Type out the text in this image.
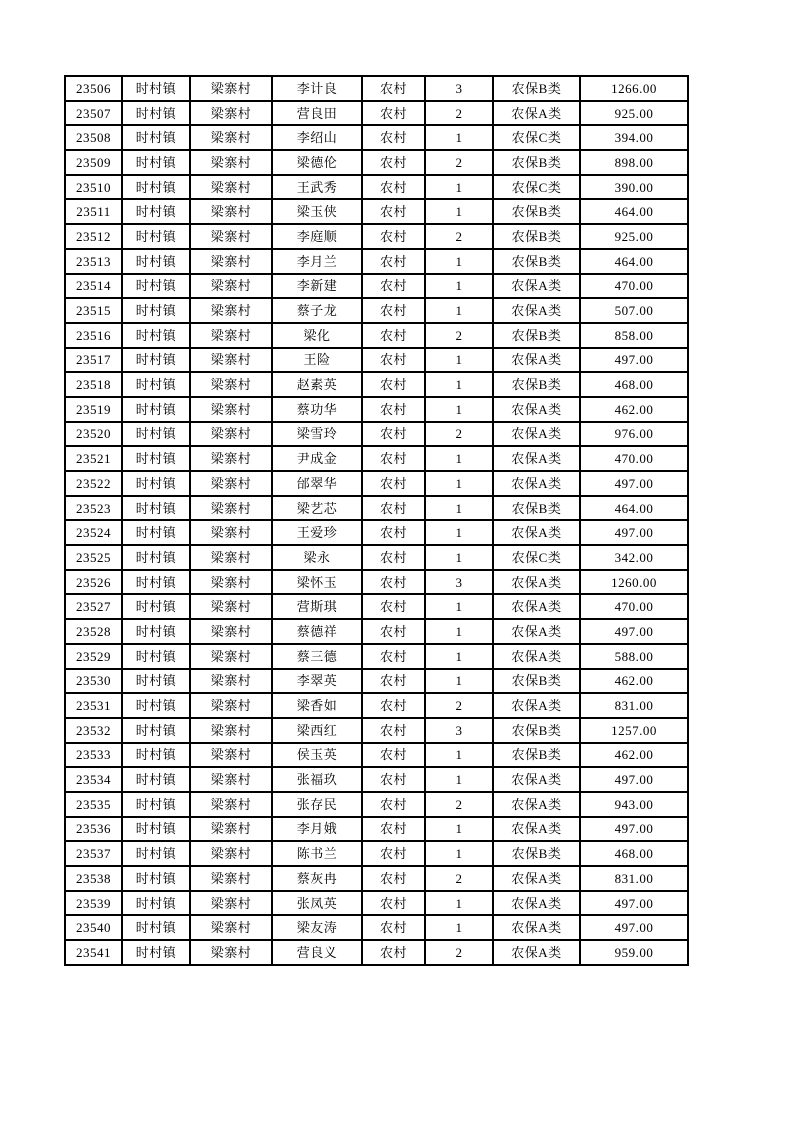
23506	时村镇	梁寨村	李计良	农村	3	农保B类	1266.00
23507	时村镇	梁寨村	营良田	农村	2	农保A类	925.00
23508	时村镇	梁寨村	李绍山	农村	1	农保C类	394.00
23509	时村镇	梁寨村	梁德伦	农村	2	农保B类	898.00
23510	时村镇	梁寨村	王武秀	农村	1	农保C类	390.00
23511	时村镇	梁寨村	梁玉侠	农村	1	农保B类	464.00
23512	时村镇	梁寨村	李庭顺	农村	2	农保B类	925.00
23513	时村镇	梁寨村	李月兰	农村	1	农保B类	464.00
23514	时村镇	梁寨村	李新建	农村	1	农保A类	470.00
23515	时村镇	梁寨村	蔡子龙	农村	1	农保A类	507.00
23516	时村镇	梁寨村	梁化	农村	2	农保B类	858.00
23517	时村镇	梁寨村	王险	农村	1	农保A类	497.00
23518	时村镇	梁寨村	赵素英	农村	1	农保B类	468.00
23519	时村镇	梁寨村	蔡功华	农村	1	农保A类	462.00
23520	时村镇	梁寨村	梁雪玲	农村	2	农保A类	976.00
23521	时村镇	梁寨村	尹成金	农村	1	农保A类	470.00
23522	时村镇	梁寨村	邰翠华	农村	1	农保A类	497.00
23523	时村镇	梁寨村	梁艺芯	农村	1	农保B类	464.00
23524	时村镇	梁寨村	王爱珍	农村	1	农保A类	497.00
23525	时村镇	梁寨村	梁永	农村	1	农保C类	342.00
23526	时村镇	梁寨村	梁怀玉	农村	3	农保A类	1260.00
23527	时村镇	梁寨村	营斯琪	农村	1	农保A类	470.00
23528	时村镇	梁寨村	蔡德祥	农村	1	农保A类	497.00
23529	时村镇	梁寨村	蔡三德	农村	1	农保A类	588.00
23530	时村镇	梁寨村	李翠英	农村	1	农保B类	462.00
23531	时村镇	梁寨村	梁香如	农村	2	农保A类	831.00
23532	时村镇	梁寨村	梁西红	农村	3	农保B类	1257.00
23533	时村镇	梁寨村	侯玉英	农村	1	农保B类	462.00
23534	时村镇	梁寨村	张福玖	农村	1	农保A类	497.00
23535	时村镇	梁寨村	张存民	农村	2	农保A类	943.00
23536	时村镇	梁寨村	李月娥	农村	1	农保A类	497.00
23537	时村镇	梁寨村	陈书兰	农村	1	农保B类	468.00
23538	时村镇	梁寨村	蔡灰冉	农村	2	农保A类	831.00
23539	时村镇	梁寨村	张凤英	农村	1	农保A类	497.00
23540	时村镇	梁寨村	梁友涛	农村	1	农保A类	497.00
23541	时村镇	梁寨村	营良义	农村	2	农保A类	959.00
